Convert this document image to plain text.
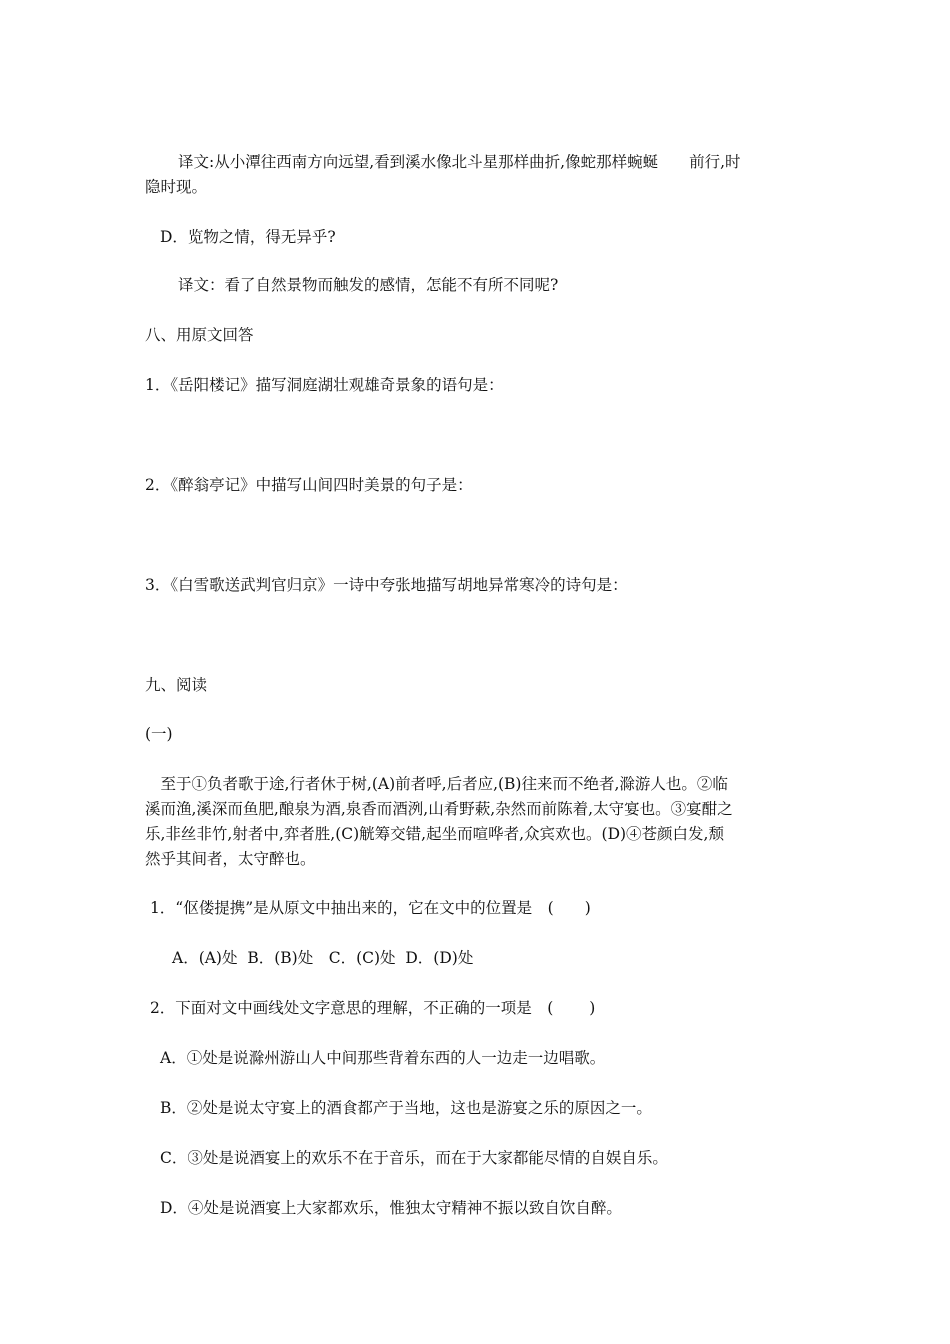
译文:从小潭往西南方向远望,看到溪水像北斗星那样曲折,像蛇那样蜿蜒　　前行,时
隐时现。
D．览物之情，得无异乎?
译文：看了自然景物而触发的感情，怎能不有所不同呢?
八、用原文回答
1．《岳阳楼记》描写洞庭湖壮观雄奇景象的语句是：
2．《醉翁亭记》中描写山间四时美景的句子是：
3．《白雪歌送武判官归京》一诗中夸张地描写胡地异常寒冷的诗句是：
九、阅读
(一)
　至于①负者歌于途,行者休于树,(A)前者呼,后者应,(B)往来而不绝者,滁游人也。②临
溪而渔,溪深而鱼肥,酿泉为酒,泉香而酒洌,山肴野蔌,杂然而前陈着,太守宴也。③宴酣之
乐,非丝非竹,射者中,弈者胜,(C)觥筹交错,起坐而喧哗者,众宾欢也。(D)④苍颜白发,颓
然乎其间者，太守醉也。
1．“伛偻提携”是从原文中抽出来的，它在文中的位置是　(　　)
A．(A)处  B．(B)处　C．(C)处  D．(D)处
2．下面对文中画线处文字意思的理解，不正确的一项是　(　　 )
A．①处是说滁州游山人中间那些背着东西的人一边走一边唱歌。
B．②处是说太守宴上的酒食都产于当地，这也是游宴之乐的原因之一。
C．③处是说酒宴上的欢乐不在于音乐，而在于大家都能尽情的自娱自乐。
D．④处是说酒宴上大家都欢乐，惟独太守精神不振以致自饮自醉。
